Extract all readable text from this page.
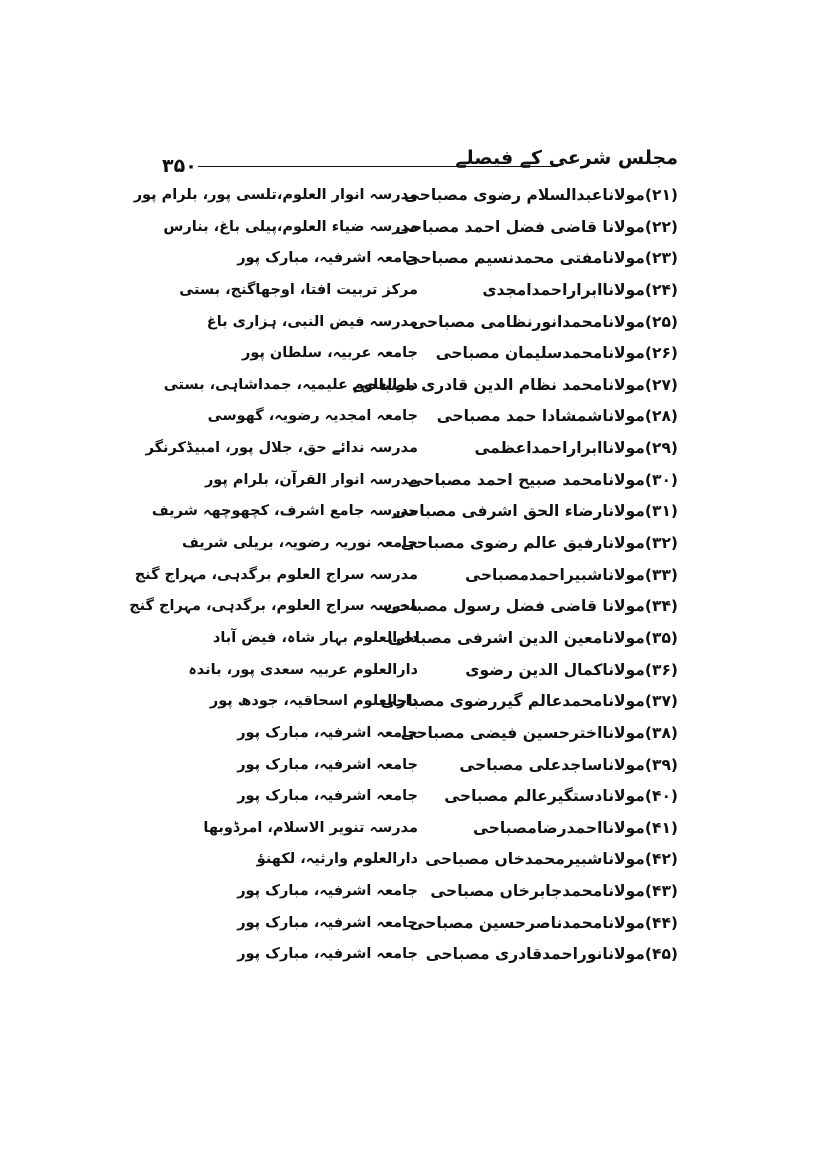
۳۵۰	مجلس شرعی کے فیصلے
(۲۱)مولاناعبدالسلام رضوی مصباحی
مدرسہ انوار العلوم،تلسی پور، بلرام پور
(۲۲)مولانا قاضی فضل احمد مصباحی
مدرسہ ضیاء العلوم،پیلی باغ، بنارس
(۲۳)مولانامفتی محمدنسیم مصباحی
جامعہ اشرفیہ، مبارک پور
(۲۴)مولاناابراراحمدامجدی
مرکز تربیت افتا، اوجھاگنج، بستی
(۲۵)مولانامحمدانورنظامی مصباحی
مدرسہ فیض النبی، ہزاری باغ
(۲۶)مولانامحمدسلیمان مصباحی
جامعہ عربیہ، سلطان پور
(۲۷)مولانامحمد نظام الدین قادری مصباحی
دارالعلوم علیمیہ، جمداشاہی، بستی
(۲۸)مولاناشمشادا حمد مصباحی
جامعہ امجدیہ رضویہ، گھوسی
(۲۹)مولاناابراراحمداعظمی
مدرسہ ندائے حق، جلال پور، امبیڈکرنگر
(۳۰)مولانامحمد صبیح احمد مصباحی
مدرسہ انوار القرآن، بلرام پور
(۳۱)مولانارضاء الحق اشرفی مصباحی
مدرسہ جامع اشرف، کچھوچھہ شریف
(۳۲)مولانارفیق عالم رضوی مصباحی
جامعہ نوریہ رضویہ، بریلی شریف
(۳۳)مولاناشبیراحمدمصباحی
مدرسہ سراج العلوم برگدہی، مہراج گنج
(۳۴)مولانا قاضی فضل رسول مصباحی
مدرسہ سراج العلوم، برگدہی، مہراج گنج
(۳۵)مولانامعین الدین اشرفی مصباحی
دارالعلوم بہار شاہ، فیض آباد
(۳۶)مولاناکمال الدین رضوی
دارالعلوم عربیہ سعدی پور، باندہ
(۳۷)مولانامحمدعالم گیررضوی مصباحی
دارالعلوم اسحاقیہ، جودھ پور
(۳۸)مولانااخترحسین فیضی مصباحی
جامعہ اشرفیہ، مبارک پور
(۳۹)مولاناساجدعلی مصباحی
جامعہ اشرفیہ، مبارک پور
(۴۰)مولانادستگیرعالم مصباحی
جامعہ اشرفیہ، مبارک پور
(۴۱)مولانااحمدرضامصباحی
مدرسہ تنویر الاسلام، امرڈوبھا
(۴۲)مولاناشبیرمحمدخاں مصباحی
دارالعلوم وارثیہ، لکھنؤ
(۴۳)مولانامحمدجابرخاں مصباحی
جامعہ اشرفیہ، مبارک پور
(۴۴)مولانامحمدناصرحسین مصباحی
جامعہ اشرفیہ، مبارک پور
(۴۵)مولانانوراحمدقادری مصباحی
جامعہ اشرفیہ، مبارک پور
